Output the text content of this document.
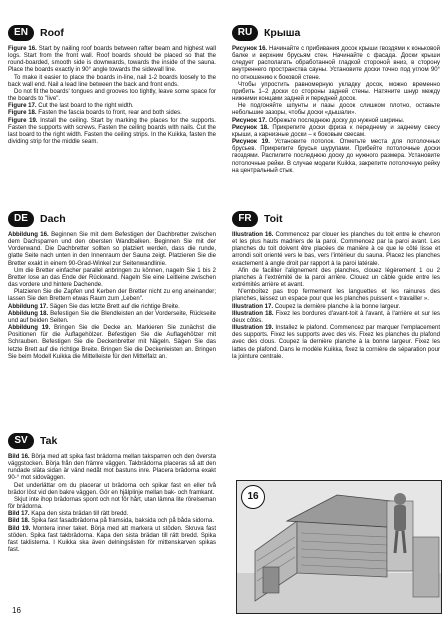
EN	Roof

Figure 16. Start by nailing roof boards between rafter beam and highest wall logs. Start from the front wall. Roof boards should be placed so that the round-boarded, smooth side is downwards, towards the inside of the sauna. Place the boards exactly in 90° angle towards the sidewall line.

To make it easier to place the boards in-line, nail 1-2 boards loosely to the back wall end. Nail a lead line between the back and front ends.

Do not fit the boards' tongues and grooves too tightly, leave some space for the boards to "live".

Figure 17. Cut the last board to the right width.

Figure 18. Fasten the fascia boards to front, rear and both sides.

Figure 19. Install the ceiling. Start by marking the places for the supports. Fasten the supports with screws. Fasten the ceiling boards with nails. Cut the last board to the right width. Fasten the ceiling strips. In the Kuikka, fasten the dividing strip for the middle seam.

DE	Dach

Abbildung 16. Beginnen Sie mit dem Befestigen der Dachbretter zwischen dem Dachsparren und den obersten Wandbalken. Beginnen Sie mit der Vorderwand. Die Dachbretter sollten so platziert werden, dass die runde, glatte Seite nach unten in den Innenraum der Sauna zeigt. Platzieren Sie die Bretter exakt in einem 90-Grad-Winkel zur Seitenwandlinie.

Um die Bretter einfacher parallel anbringen zu können, nageln Sie 1 bis 2 Bretter lose an das Ende der Rückwand. Nageln Sie eine Leitleine zwischen das vordere und hintere Dachende.

Platzieren Sie die Zapfen und Kerben der Bretter nicht zu eng aneinander; lassen Sie den Brettern etwas Raum zum „Leben".

Abbildung 17. Sägen Sie das letzte Brett auf die richtige Breite.

Abbildung 18. Befestigen Sie die Blendleisten an der Vorderseite, Rückseite und auf beiden Seiten.

Abbildung 19. Bringen Sie die Decke an. Markieren Sie zunächst die Positionen für die Auflagehölzer. Befestigen Sie die Auflagehölzer mit Schrauben. Befestigen Sie die Deckenbretter mit Nägeln. Sägen Sie das letzte Brett auf die richtige Breite. Bringen Sie die Deckenleisten an. Bringen Sie beim Modell Kuikka die Mittelleiste für den Mittelfalz an.

SV	Tak

Bild 16. Börja med att spika fast brädorna mellan taksparren och den översta väggstocken. Börja från den främre väggen. Takbrädorna placeras så att den rundade släta sidan är vänd nedåt mot bastuns inre. Placera brädorna exakt 90-° mot sidoväggen.

Det underlättar om du placerar ut brädorna och spikar fast en eller två brädor löst vid den bakre väggen. Gör en hjälplinje mellan bak- och framkant.

Skjut inte ihop brädornas spont och not för hårt, utan lämna lite rörelseman för brädorna.

Bild 17. Kapa den sista brädan till rätt bredd.

Bild 18. Spika fast fasadbrädorna på framsida, baksida och på båda sidorna.

Bild 19. Montera inner taket. Börja med att markera ut stöden. Skruva fast stöden. Spika fast takbrädorna. Kapa den sista brädan till rätt bredd. Spika fast taklisterna. I Kuikka ska även delningslisten för mittenskarven spikas fast.

RU	Крыша

Рисунок 16. Начинайте с прибивания досок крыши гвоздями к коньковой балке и верхним брусьям стен. Начинайте с фасада. Доски крыши следует располагать обработанной гладкой стороной вниз, в сторону внутреннего пространства сауны. Установите доски точно под углом 90° по отношению к боковой стене.

Чтобы упростить равномерную укладку досок, можно временно прибить 1–2 доски со стороны задней стены. Натяните шнур между нижними концами задней и передней досок.

Не подгоняйте шпунты и пазы досок слишком плотно, оставьте небольшие зазоры, чтобы доски «дышали».

Рисунок 17. Обрежьте последнюю доску до нужной ширины.

Рисунок 18. Прикрепите доски фриза к переднему и заднему свесу крыши, а карнизные доски – к боковым свесам.

Рисунок 19. Установите потолок. Отметьте места для потолочных брусьев. Прикрепите брусья шурупами. Прибейте потолочные доски гвоздями. Распилите последнюю доску до нужного размера. Установите потолочные рейки. В случае модели Kuikka, закрепите потолочную рейку на центральный стык.

FR	Toit

Illustration 16. Commencez par clouer les planches du toit entre le chevron et les plus hauts madriers de la paroi. Commencez par la paroi avant. Les planches du toit doivent être placées de manière à ce que le côté lisse et arrondi soit orienté vers le bas, vers l'intérieur du sauna. Placez les planches exactement à angle droit par rapport à la paroi latérale.

Afin de faciliter l'alignement des planches, clouez légèrement 1 ou 2 planches à l'extrémité de la paroi arrière. Clouez un câble guide entre les extrémités arrière et avant.

N'emboîtez pas trop fermement les languettes et les rainures des planches, laissez un espace pour que les planches puissent « travailler ».

Illustration 17. Coupez la dernière planche à la bonne largeur.

Illustration 18. Fixez les bordures d'avant-toit à l'avant, à l'arrière et sur les deux côtés.

Illustration 19. Installez le plafond. Commencez par marquer l'emplacement des supports. Fixez les supports avec des vis. Fixez les planches du plafond avec des clous. Coupez la dernière planche à la bonne largeur. Fixez les lattes de plafond. Dans le modèle Kuikka, fixez la cornière de séparation pour la jointure centrale.

16
16
